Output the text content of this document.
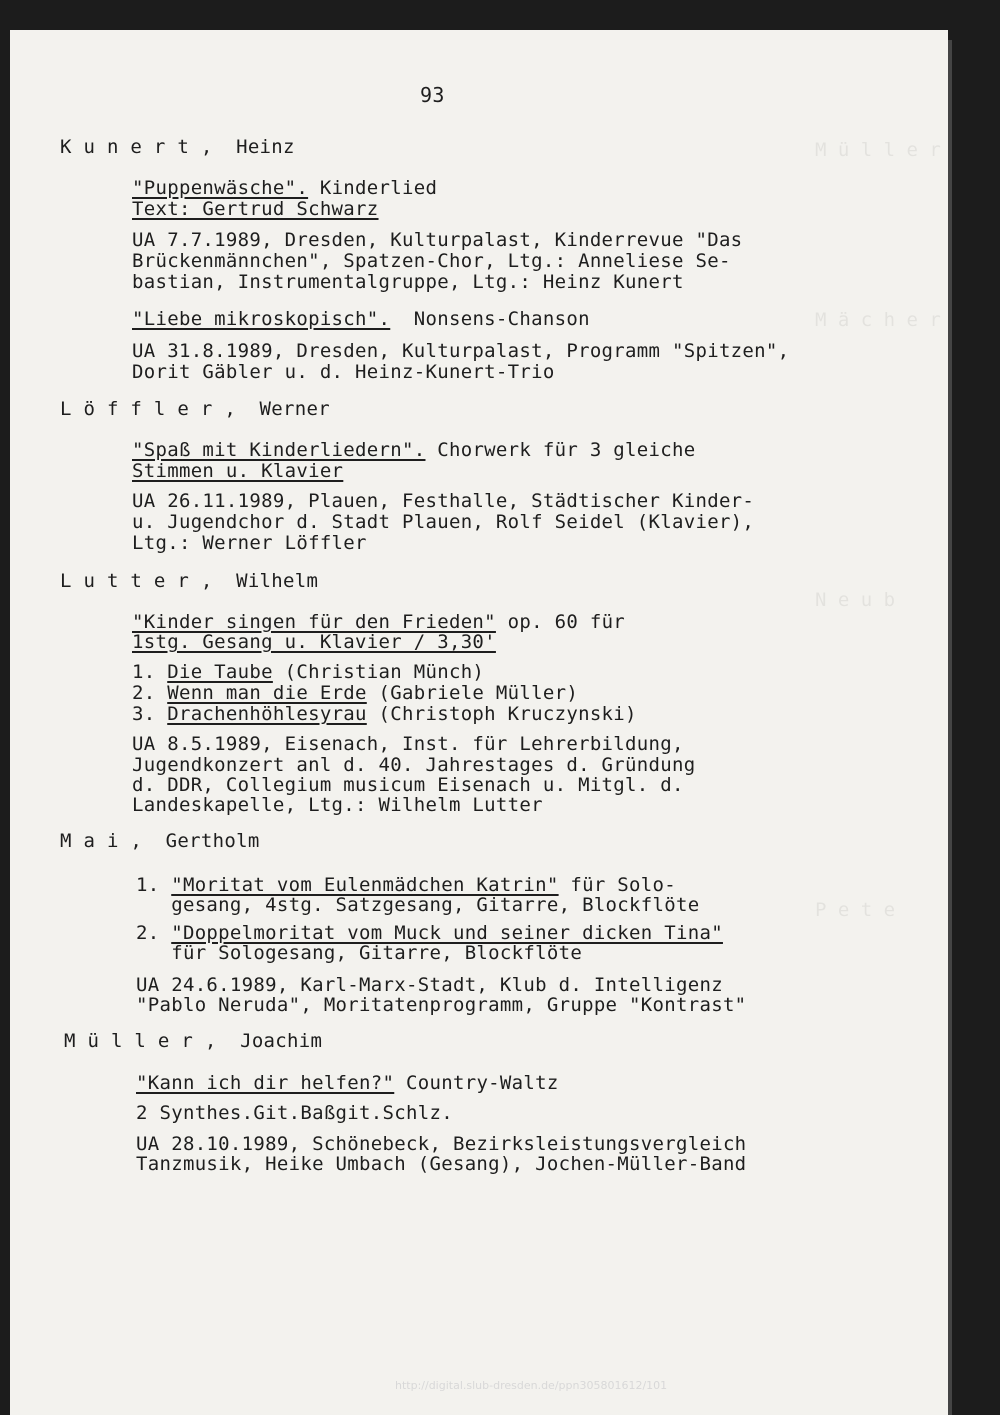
M ü l l e r
M ä c h e r
N e u b
P e t e
93
K u n e r t ,  Heinz
"Puppenwäsche". Kinderlied
Text: Gertrud Schwarz
UA 7.7.1989, Dresden, Kulturpalast, Kinderrevue "Das
Brückenmännchen", Spatzen-Chor, Ltg.: Anneliese Se-
bastian, Instrumentalgruppe, Ltg.: Heinz Kunert
"Liebe mikroskopisch".  Nonsens-Chanson
UA 31.8.1989, Dresden, Kulturpalast, Programm "Spitzen",
Dorit Gäbler u. d. Heinz-Kunert-Trio
L ö f f l e r ,  Werner
"Spaß mit Kinderliedern". Chorwerk für 3 gleiche
Stimmen u. Klavier
UA 26.11.1989, Plauen, Festhalle, Städtischer Kinder-
u. Jugendchor d. Stadt Plauen, Rolf Seidel (Klavier),
Ltg.: Werner Löffler
L u t t e r ,  Wilhelm
"Kinder singen für den Frieden" op. 60 für
1stg. Gesang u. Klavier / 3,30'
1. Die Taube (Christian Münch)
2. Wenn man die Erde (Gabriele Müller)
3. Drachenhöhlesyrau (Christoph Kruczynski)
UA 8.5.1989, Eisenach, Inst. für Lehrerbildung,
Jugendkonzert anl d. 40. Jahrestages d. Gründung
d. DDR, Collegium musicum Eisenach u. Mitgl. d.
Landeskapelle, Ltg.: Wilhelm Lutter
M a i ,  Gertholm
1. "Moritat vom Eulenmädchen Katrin" für Solo-
gesang, 4stg. Satzgesang, Gitarre, Blockflöte
2. "Doppelmoritat vom Muck und seiner dicken Tina"
für Sologesang, Gitarre, Blockflöte
UA 24.6.1989, Karl-Marx-Stadt, Klub d. Intelligenz
"Pablo Neruda", Moritatenprogramm, Gruppe "Kontrast"
M ü l l e r ,  Joachim
"Kann ich dir helfen?" Country-Waltz
2 Synthes.Git.Baßgit.Schlz.
UA 28.10.1989, Schönebeck, Bezirksleistungsvergleich
Tanzmusik, Heike Umbach (Gesang), Jochen-Müller-Band
http://digital.slub-dresden.de/ppn305801612/101
